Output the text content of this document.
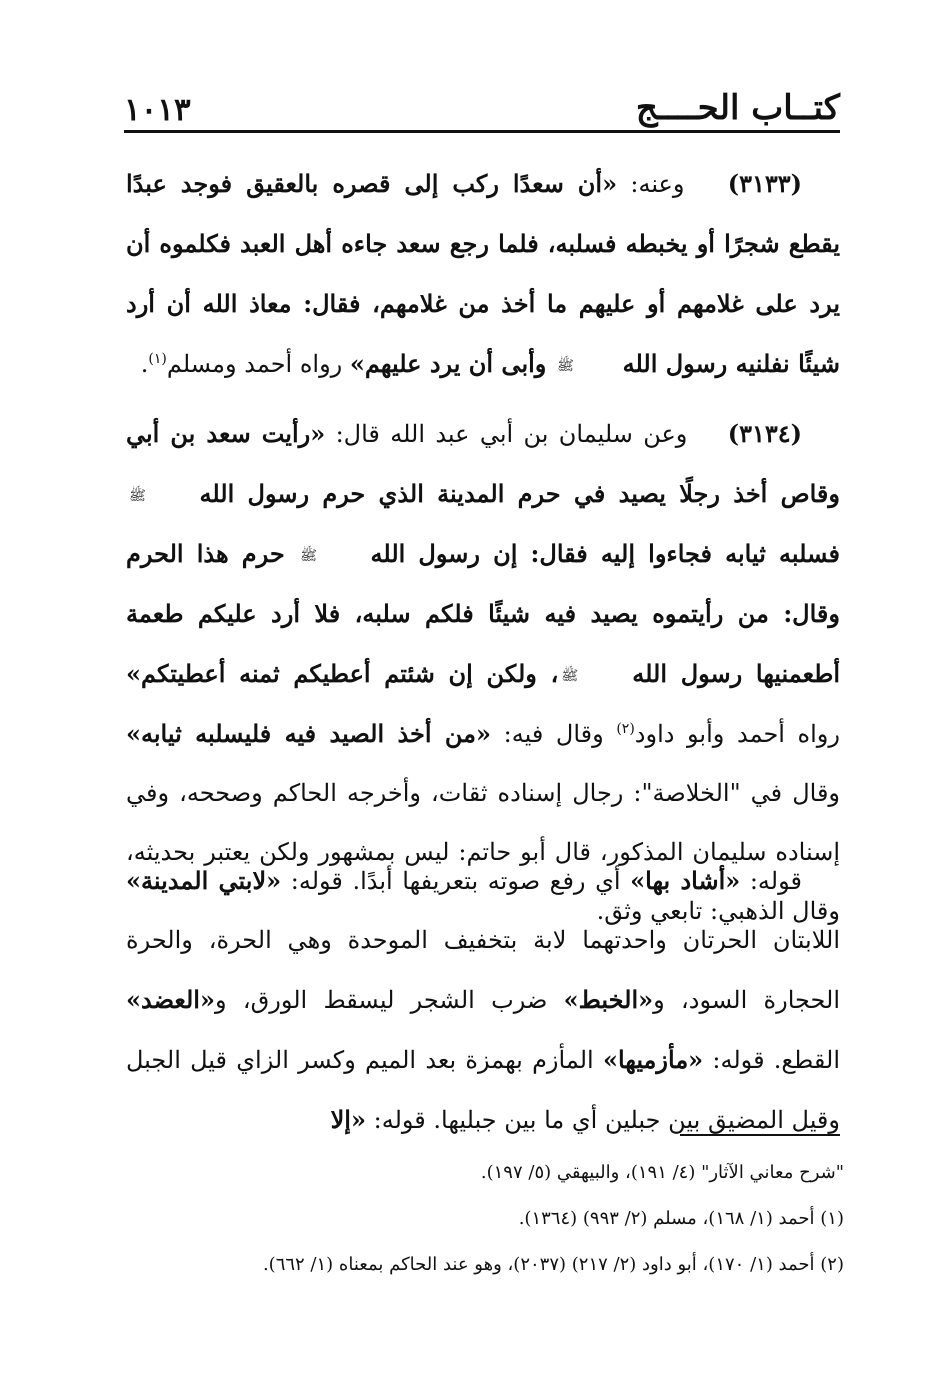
كتــاب الحــــج
١٠١٣

(٣١٣٣) وعنه: «أن سعدًا ركب إلى قصره بالعقيق فوجد عبدًا يقطع شجرًا أو يخبطه فسلبه، فلما رجع سعد جاءه أهل العبد فكلموه أن يرد على غلامهم أو عليهم ما أخذ من غلامهم، فقال: معاذ الله أن أرد شيئًا نفلنيه رسول الله ﷺ وأبى أن يرد عليهم» رواه أحمد ومسلم$^{(١)}$.

(٣١٣٤) وعن سليمان بن أبي عبد الله قال: «رأيت سعد بن أبي وقاص أخذ رجلًا يصيد في حرم المدينة الذي حرم رسول الله ﷺ فسلبه ثيابه فجاءوا إليه فقال: إن رسول الله ﷺ حرم هذا الحرم وقال: من رأيتموه يصيد فيه شيئًا فلكم سلبه، فلا أرد عليكم طعمة أطعمنيها رسول الله ﷺ، ولكن إن شئتم أعطيكم ثمنه أعطيتكم» رواه أحمد وأبو داود$^{(٢)}$ وقال فيه: «من أخذ الصيد فيه فليسلبه ثيابه» وقال في "الخلاصة": رجال إسناده ثقات، وأخرجه الحاكم وصححه، وفي إسناده سليمان المذكور، قال أبو حاتم: ليس بمشهور ولكن يعتبر بحديثه، وقال الذهبي: تابعي وثق.

قوله: «أشاد بها» أي رفع صوته بتعريفها أبدًا. قوله: «لابتي المدينة» اللابتان الحرتان واحدتهما لابة بتخفيف الموحدة وهي الحرة، والحرة الحجارة السود، و«الخبط» ضرب الشجر ليسقط الورق، و«العضد» القطع. قوله: «مأزميها» المأزم بهمزة بعد الميم وكسر الزاي قيل الجبل وقيل المضيق بين جبلين أي ما بين جبليها. قوله: «إلا

"شرح معاني الآثار" (٤/ ١٩١)، والبيهقي (٥/ ١٩٧).

(١) أحمد (١/ ١٦٨)، مسلم (٢/ ٩٩٣) (١٣٦٤).

(٢) أحمد (١/ ١٧٠)، أبو داود (٢/ ٢١٧) (٢٠٣٧)، وهو عند الحاكم بمعناه (١/ ٦٦٢).
